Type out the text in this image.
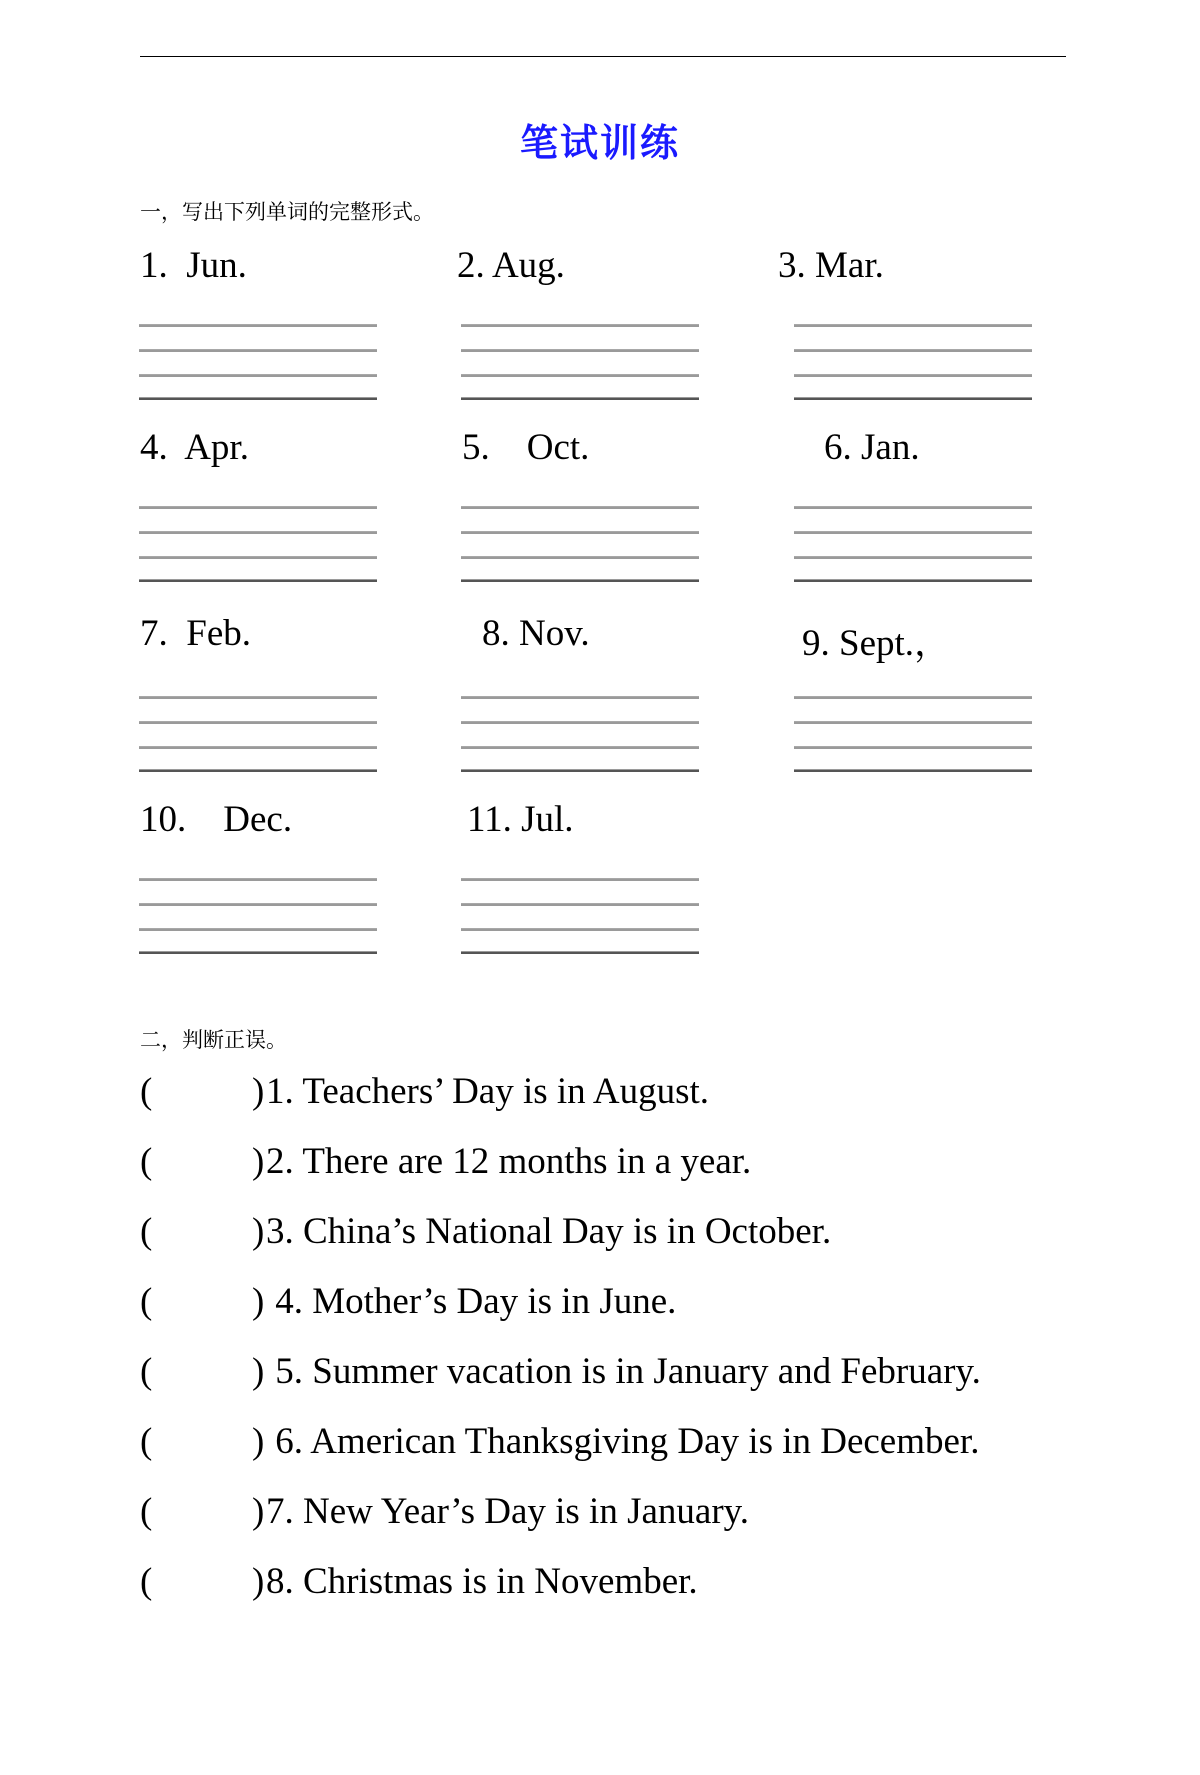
笔试训练
一，写出下列单词的完整形式。
1.  Jun.	2. Aug.	3. Mar.
4.  Apr.	5.    Oct.	6. Jan.
7.  Feb.	8. Nov.	9. Sept.，
10.    Dec.	11. Jul.
二，判断正误。

(

	)

1. Teachers’ Day is in August.

(

	)

2. There are 12 months in a year.

(

	)

3. China’s National Day is in October.

(

	)

4. Mother’s Day is in June.

(

	)

5. Summer vacation is in January and February.

(

	)

6. American Thanksgiving Day is in December.

(

	)

7. New Year’s Day is in January.

(

	)

8. Christmas is in November.
